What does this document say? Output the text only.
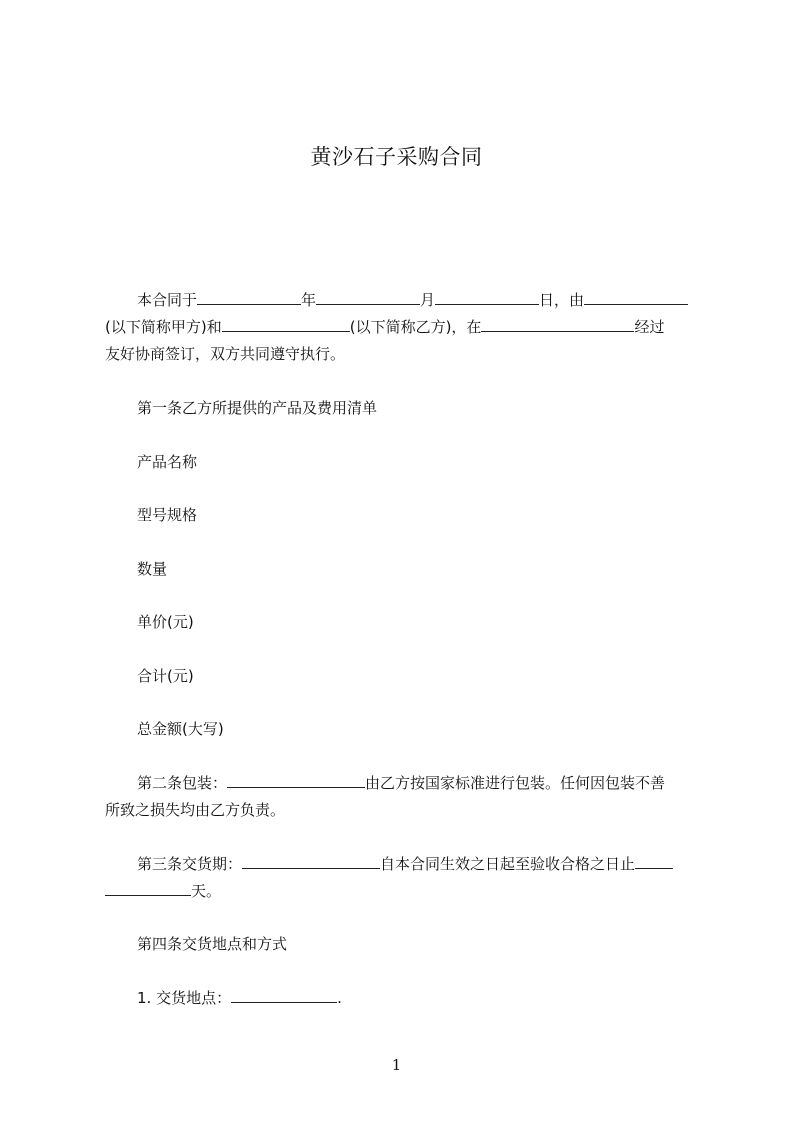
黄沙石子采购合同
本合同于	年	月	日，由
(以下简称甲方)和	(以下简称乙方)，在	经过
友好协商签订，双方共同遵守执行。
第一条乙方所提供的产品及费用清单
产品名称
型号规格
数量
单价(元)
合计(元)
总金额(大写)
第二条包装：	由乙方按国家标准进行包装。任何因包装不善
所致之损失均由乙方负责。
第三条交货期：	自本合同生效之日起至验收合格之日止
天。
第四条交货地点和方式
1. 交货地点：	.
1
